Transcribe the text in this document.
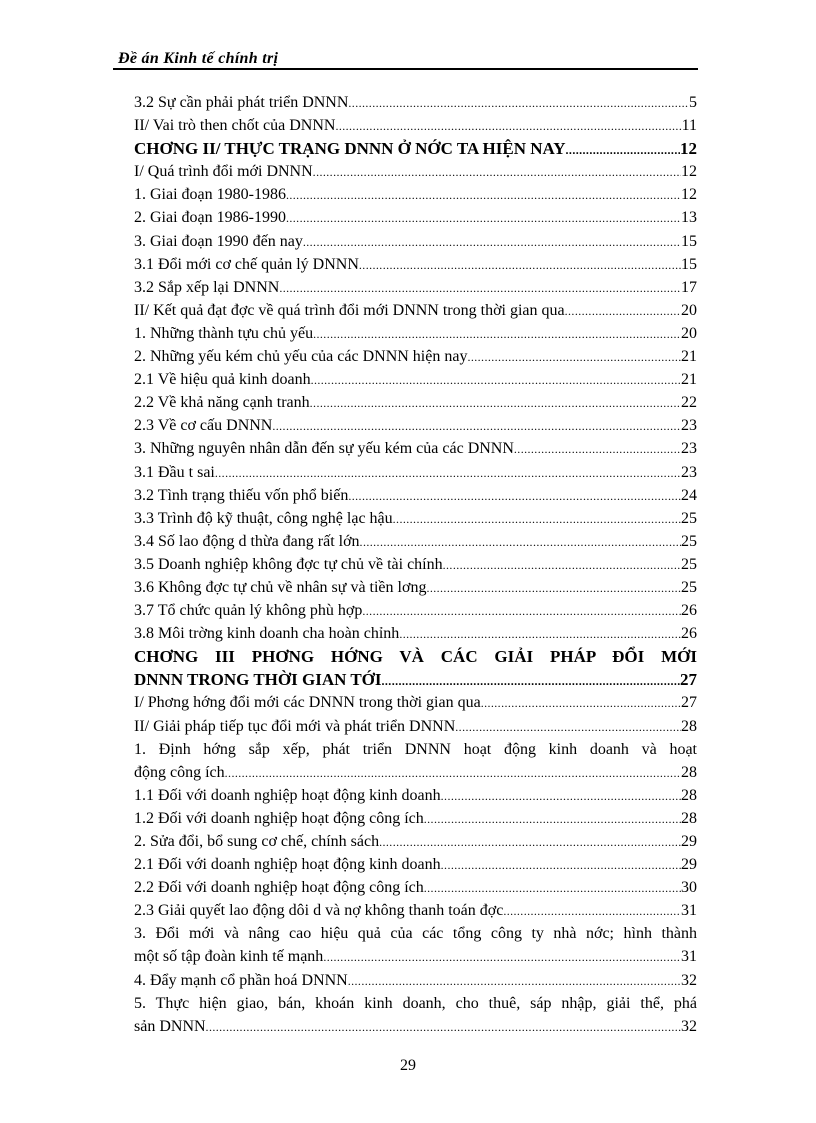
Đề án Kinh tế chính trị
3.2 Sự cần phải phát triển DNNN .....	5
II/ Vai trò then chốt của DNNN .....	11
CHƠNG II/ THỰC TRẠNG DNNN Ở NỚC TA HIỆN NAY .....	12
I/ Quá trình đổi mới DNNN .....	12
1. Giai đoạn 1980-1986 .....	12
2. Giai đoạn 1986-1990 .....	13
3. Giai đoạn 1990 đến nay .....	15
3.1 Đổi mới cơ chế quản lý DNNN .....	15
3.2 Sắp xếp lại DNNN .....	17
II/ Kết quả đạt đợc về quá trình đổi mới DNNN trong thời gian qua .....	20
1. Những thành tựu chủ yếu .....	20
2. Những yếu kém chủ yếu của các DNNN hiện nay .....	21
2.1 Về hiệu quả kinh doanh .....	21
2.2 Về khả năng cạnh tranh .....	22
2.3 Về cơ cấu DNNN .....	23
3. Những nguyên nhân dẫn đến sự yếu kém của các DNNN .....	23
3.1 Đầu t sai .....	23
3.2 Tình trạng thiếu vốn phổ biến .....	24
3.3 Trình độ kỹ thuật, công nghệ lạc hậu .....	25
3.4 Số lao động d thừa đang rất lớn .....	25
3.5 Doanh nghiệp không đợc tự chủ về tài chính .....	25
3.6 Không đợc tự chủ về nhân sự và tiền lơng .....	25
3.7 Tổ chức quản lý không phù hợp .....	26
3.8 Môi trờng kinh doanh cha hoàn chỉnh .....	26
CHƠNG III PHƠNG HỚNG VÀ CÁC GIẢI PHÁP ĐỔI MỚI
DNNN TRONG THỜI GIAN TỚI .....	27
I/ Phơng hớng đổi mới các DNNN trong thời gian qua .....	27
II/ Giải pháp tiếp tục đổi mới và phát triển DNNN .....	28
1. Định hớng sắp xếp, phát triển DNNN hoạt động kinh doanh và hoạt
động công ích .....	28
1.1 Đối với doanh nghiệp hoạt động kinh doanh .....	28
1.2 Đối với doanh nghiệp hoạt động công ích .....	28
2. Sửa đổi, bổ sung cơ chế, chính sách .....	29
2.1 Đối với doanh nghiệp hoạt động kinh doanh .....	29
2.2 Đối với doanh nghiệp hoạt động công ích .....	30
2.3 Giải quyết lao động dôi d và nợ không thanh toán đợc .....	31
3. Đổi mới và nâng cao hiệu quả của các tổng công ty nhà nớc; hình thành
một số tập đoàn kinh tế mạnh .....	31
4. Đẩy mạnh cổ phần hoá DNNN .....	32
5. Thực hiện giao, bán, khoán kinh doanh, cho thuê, sáp nhập, giải thể, phá
sản DNNN .....	32
29
